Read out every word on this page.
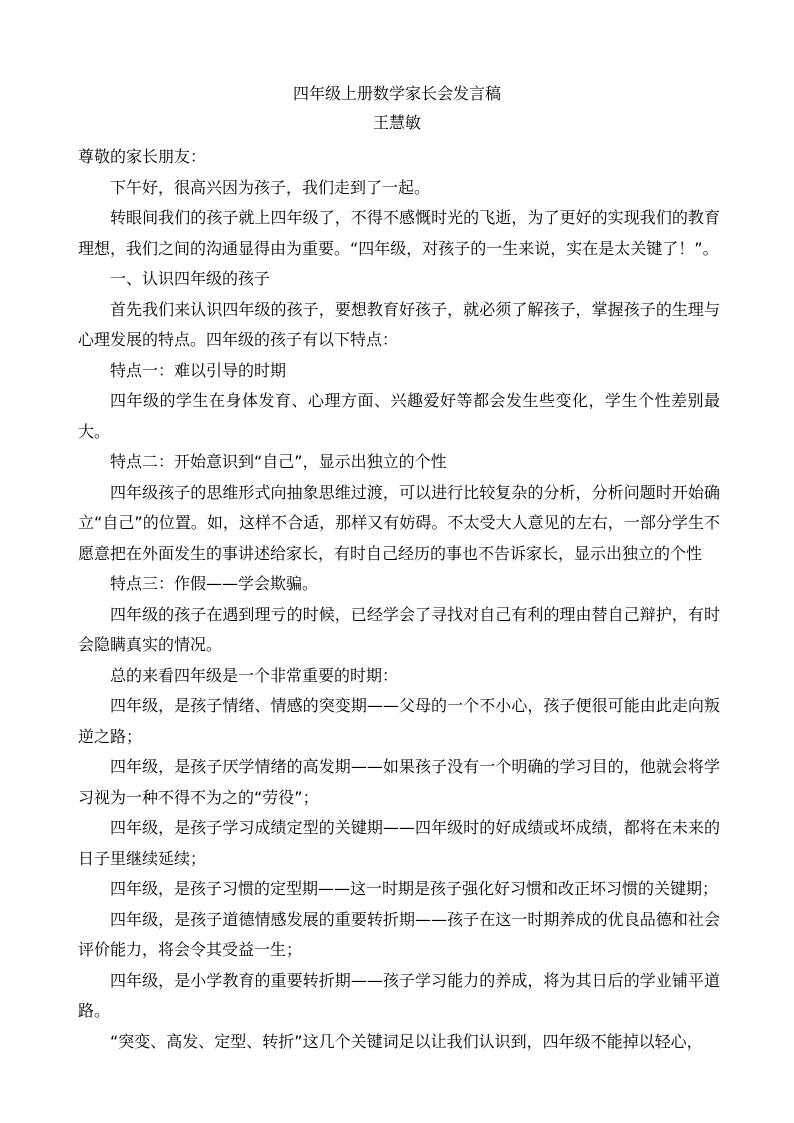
四年级上册数学家长会发言稿
王慧敏

尊敬的家长朋友：

下午好，很高兴因为孩子，我们走到了一起。

转眼间我们的孩子就上四年级了，不得不感慨时光的飞逝，为了更好的实现我们的教育理想，我们之间的沟通显得由为重要。“四年级，对孩子的一生来说，实在是太关键了！”。

一、认识四年级的孩子

首先我们来认识四年级的孩子，要想教育好孩子，就必须了解孩子，掌握孩子的生理与心理发展的特点。四年级的孩子有以下特点：

特点一：难以引导的时期

四年级的学生在身体发育、心理方面、兴趣爱好等都会发生些变化，学生个性差别最大。

特点二：开始意识到“自己”，显示出独立的个性

四年级孩子的思维形式向抽象思维过渡，可以进行比较复杂的分析，分析问题时开始确立“自己”的位置。如，这样不合适，那样又有妨碍。不太受大人意见的左右，一部分学生不愿意把在外面发生的事讲述给家长，有时自己经历的事也不告诉家长，显示出独立的个性

特点三：作假——学会欺骗。

四年级的孩子在遇到理亏的时候，已经学会了寻找对自己有利的理由替自己辩护，有时会隐瞒真实的情况。

总的来看四年级是一个非常重要的时期：

四年级，是孩子情绪、情感的突变期——父母的一个不小心，孩子便很可能由此走向叛逆之路；

四年级，是孩子厌学情绪的高发期——如果孩子没有一个明确的学习目的，他就会将学习视为一种不得不为之的“劳役”；

四年级，是孩子学习成绩定型的关键期——四年级时的好成绩或坏成绩，都将在未来的日子里继续延续；

四年级，是孩子习惯的定型期——这一时期是孩子强化好习惯和改正坏习惯的关键期；

四年级，是孩子道德情感发展的重要转折期——孩子在这一时期养成的优良品德和社会评价能力，将会令其受益一生；

四年级，是小学教育的重要转折期——孩子学习能力的养成，将为其日后的学业铺平道路。

“突变、高发、定型、转折”这几个关键词足以让我们认识到，四年级不能掉以轻心，
